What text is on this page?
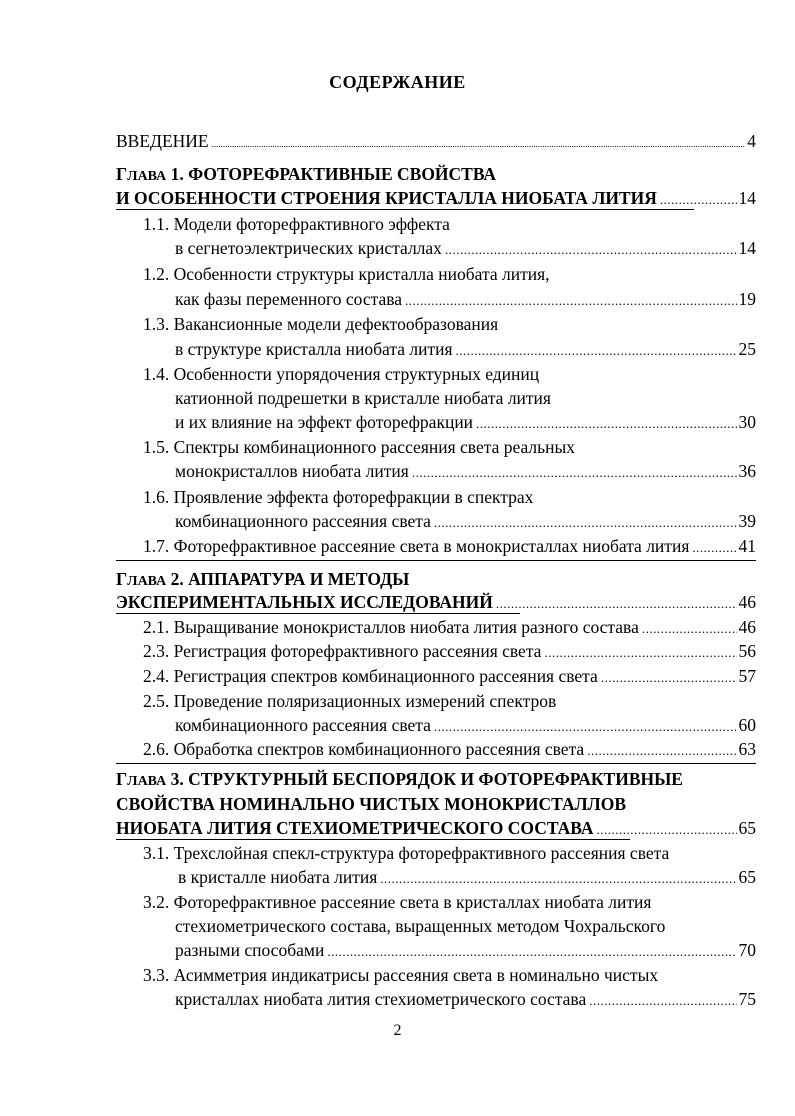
СОДЕРЖАНИЕ
ВВЕДЕНИЕ .....	4
ГЛАВА 1. ФОТОРЕФРАКТИВНЫЕ СВОЙСТВА
И ОСОБЕННОСТИ СТРОЕНИЯ КРИСТАЛЛА НИОБАТА ЛИТИЯ .....	14
1.1. Модели фоторефрактивного эффекта
в сегнетоэлектрических кристаллах .....	14
1.2. Особенности структуры кристалла ниобата лития,
как фазы переменного состава .....	19
1.3. Вакансионные модели дефектообразования
в структуре кристалла ниобата лития .....	25
1.4. Особенности упорядочения структурных единиц
катионной подрешетки в кристалле ниобата лития
и их влияние на эффект фоторефракции .....	30
1.5. Спектры комбинационного рассеяния света реальных
монокристаллов ниобата лития .....	36
1.6. Проявление эффекта фоторефракции в спектрах
комбинационного рассеяния света .....	39
1.7. Фоторефрактивное рассеяние света в монокристаллах ниобата лития .....	41
ГЛАВА 2. АППАРАТУРА И МЕТОДЫ
ЭКСПЕРИМЕНТАЛЬНЫХ ИССЛЕДОВАНИЙ .....	46
2.1. Выращивание монокристаллов ниобата лития разного состава .....	46
2.3. Регистрация фоторефрактивного рассеяния света .....	56
2.4. Регистрация спектров комбинационного рассеяния света .....	57
2.5. Проведение поляризационных измерений спектров
комбинационного рассеяния света .....	60
2.6. Обработка спектров комбинационного рассеяния света .....	63
ГЛАВА 3. СТРУКТУРНЫЙ БЕСПОРЯДОК И ФОТОРЕФРАКТИВНЫЕ
СВОЙСТВА НОМИНАЛЬНО ЧИСТЫХ МОНОКРИСТАЛЛОВ
НИОБАТА ЛИТИЯ СТЕХИОМЕТРИЧЕСКОГО СОСТАВА .....	65
3.1. Трехслойная спекл-структура фоторефрактивного рассеяния света
в кристалле ниобата лития .....	65
3.2. Фоторефрактивное рассеяние света в кристаллах ниобата лития
стехиометрического состава, выращенных методом Чохральского
разными способами .....	70
3.3. Асимметрия индикатрисы рассеяния света в номинально чистых
кристаллах ниобата лития стехиометрического состава .....	75
2
